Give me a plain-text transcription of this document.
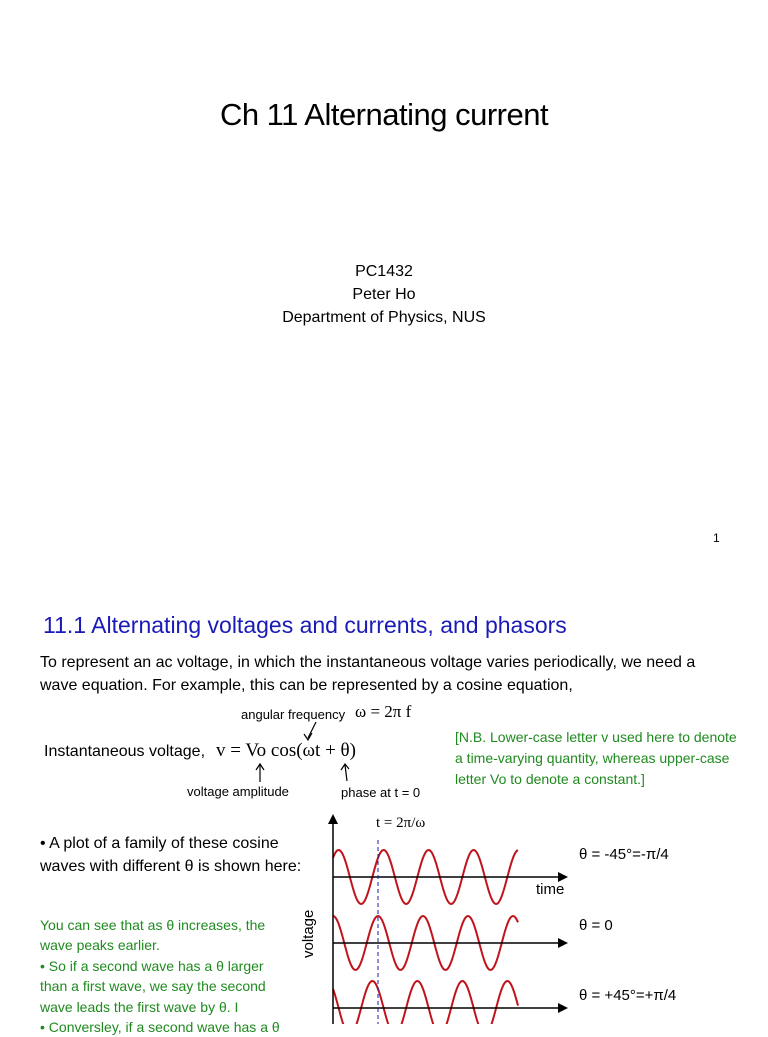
Ch 11 Alternating current
PC1432
Peter Ho
Department of Physics, NUS
1
11.1 Alternating voltages and currents, and phasors
To represent an ac voltage, in which the instantaneous voltage varies periodically, we need a
wave equation. For example, this can be represented by a cosine equation,
angular frequency ω = 2π f
Instantaneous voltage, v = Vo cos(ωt + θ)
voltage amplitude	phase at t = 0
[N.B. Lower-case letter v used here to denote
a time-varying quantity, whereas upper-case
letter Vo to denote a constant.]
• A plot of a family of these cosine
waves with different θ is shown here:
You can see that as θ increases, the
wave peaks earlier.
• So if a second wave has a θ larger
than a first wave, we say the second
wave leads the first wave by θ. I
• Conversley, if a second wave has a θ
t = 2π/ω
time
voltage
θ = -45°=-π/4
θ = 0
θ = +45°=+π/4
